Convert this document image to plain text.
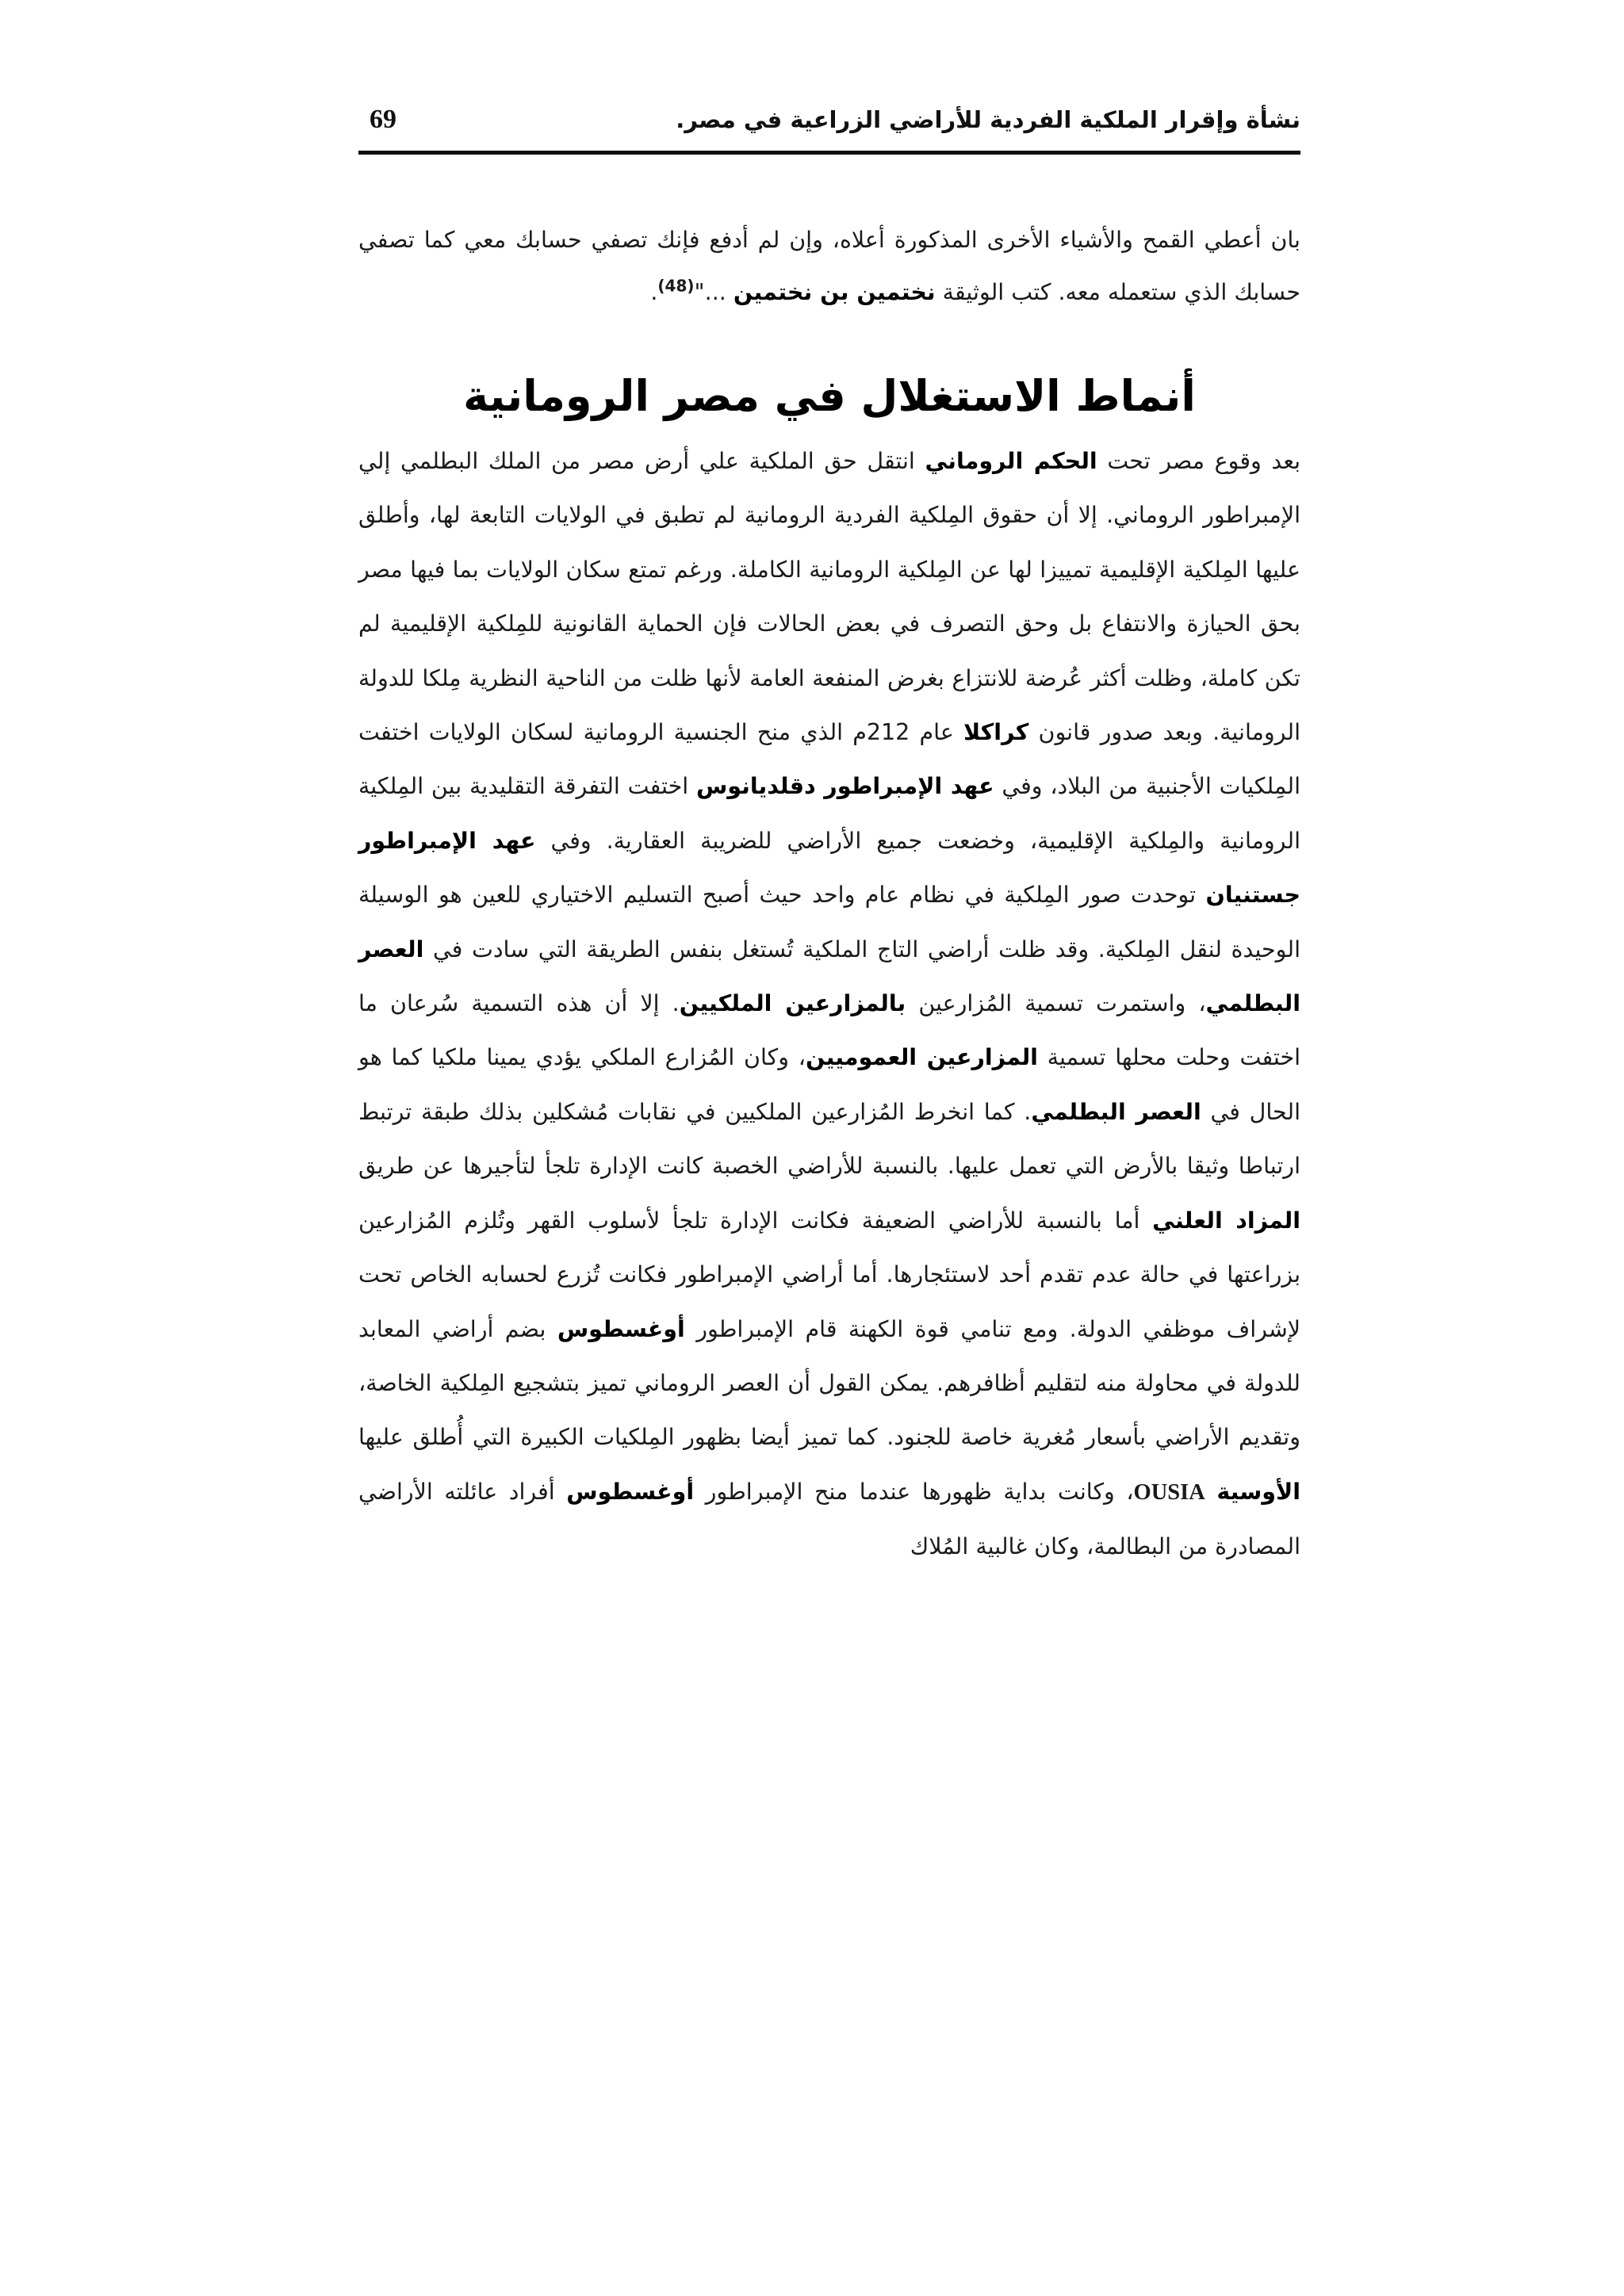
نشأة وإقرار الملكية الفردية للأراضي الزراعية في مصر.
69

بان أعطي القمح والأشياء الأخرى المذكورة أعلاه، وإن لم أدفع فإنك تصفي حسابك معي كما تصفي حسابك الذي ستعمله معه. كتب الوثيقة نختمين بن نختمين ..."$^{(48)}$.

أنماط الاستغلال في مصر الرومانية

بعد وقوع مصر تحت الحكم الروماني انتقل حق الملكية علي أرض مصر من الملك البطلمي إلي الإمبراطور الروماني. إلا أن حقوق المِلكية الفردية الرومانية لم تطبق في الولايات التابعة لها، وأطلق عليها المِلكية الإقليمية تمييزا لها عن المِلكية الرومانية الكاملة. ورغم تمتع سكان الولايات بما فيها مصر بحق الحيازة والانتفاع بل وحق التصرف في بعض الحالات فإن الحماية القانونية للمِلكية الإقليمية لم تكن كاملة، وظلت أكثر عُرضة للانتزاع بغرض المنفعة العامة لأنها ظلت من الناحية النظرية مِلكا للدولة الرومانية. وبعد صدور قانون كراكلا عام 212م الذي منح الجنسية الرومانية لسكان الولايات اختفت المِلكيات الأجنبية من البلاد، وفي عهد الإمبراطور دقلديانوس اختفت التفرقة التقليدية بين المِلكية الرومانية والمِلكية الإقليمية، وخضعت جميع الأراضي للضريبة العقارية. وفي عهد الإمبراطور جستنيان توحدت صور المِلكية في نظام عام واحد حيث أصبح التسليم الاختياري للعين هو الوسيلة الوحيدة لنقل المِلكية. وقد ظلت أراضي التاج الملكية تُستغل بنفس الطريقة التي سادت في العصر البطلمي، واستمرت تسمية المُزارعين بالمزارعين الملكيين. إلا أن هذه التسمية سُرعان ما اختفت وحلت محلها تسمية المزارعين العموميين، وكان المُزارع الملكي يؤدي يمينا ملكيا كما هو الحال في العصر البطلمي. كما انخرط المُزارعين الملكيين في نقابات مُشكلين بذلك طبقة ترتبط ارتباطا وثيقا بالأرض التي تعمل عليها. بالنسبة للأراضي الخصبة كانت الإدارة تلجأ لتأجيرها عن طريق المزاد العلني أما بالنسبة للأراضي الضعيفة فكانت الإدارة تلجأ لأسلوب القهر وتُلزم المُزارعين بزراعتها في حالة عدم تقدم أحد لاستئجارها. أما أراضي الإمبراطور فكانت تُزرع لحسابه الخاص تحت لإشراف موظفي الدولة. ومع تنامي قوة الكهنة قام الإمبراطور أوغسطوس بضم أراضي المعابد للدولة في محاولة منه لتقليم أظافرهم. يمكن القول أن العصر الروماني تميز بتشجيع المِلكية الخاصة، وتقديم الأراضي بأسعار مُغرية خاصة للجنود. كما تميز أيضا بظهور المِلكيات الكبيرة التي أُطلق عليها الأوسية OUSIA، وكانت بداية ظهورها عندما منح الإمبراطور أوغسطوس أفراد عائلته الأراضي المصادرة من البطالمة، وكان غالبية المُلاك
